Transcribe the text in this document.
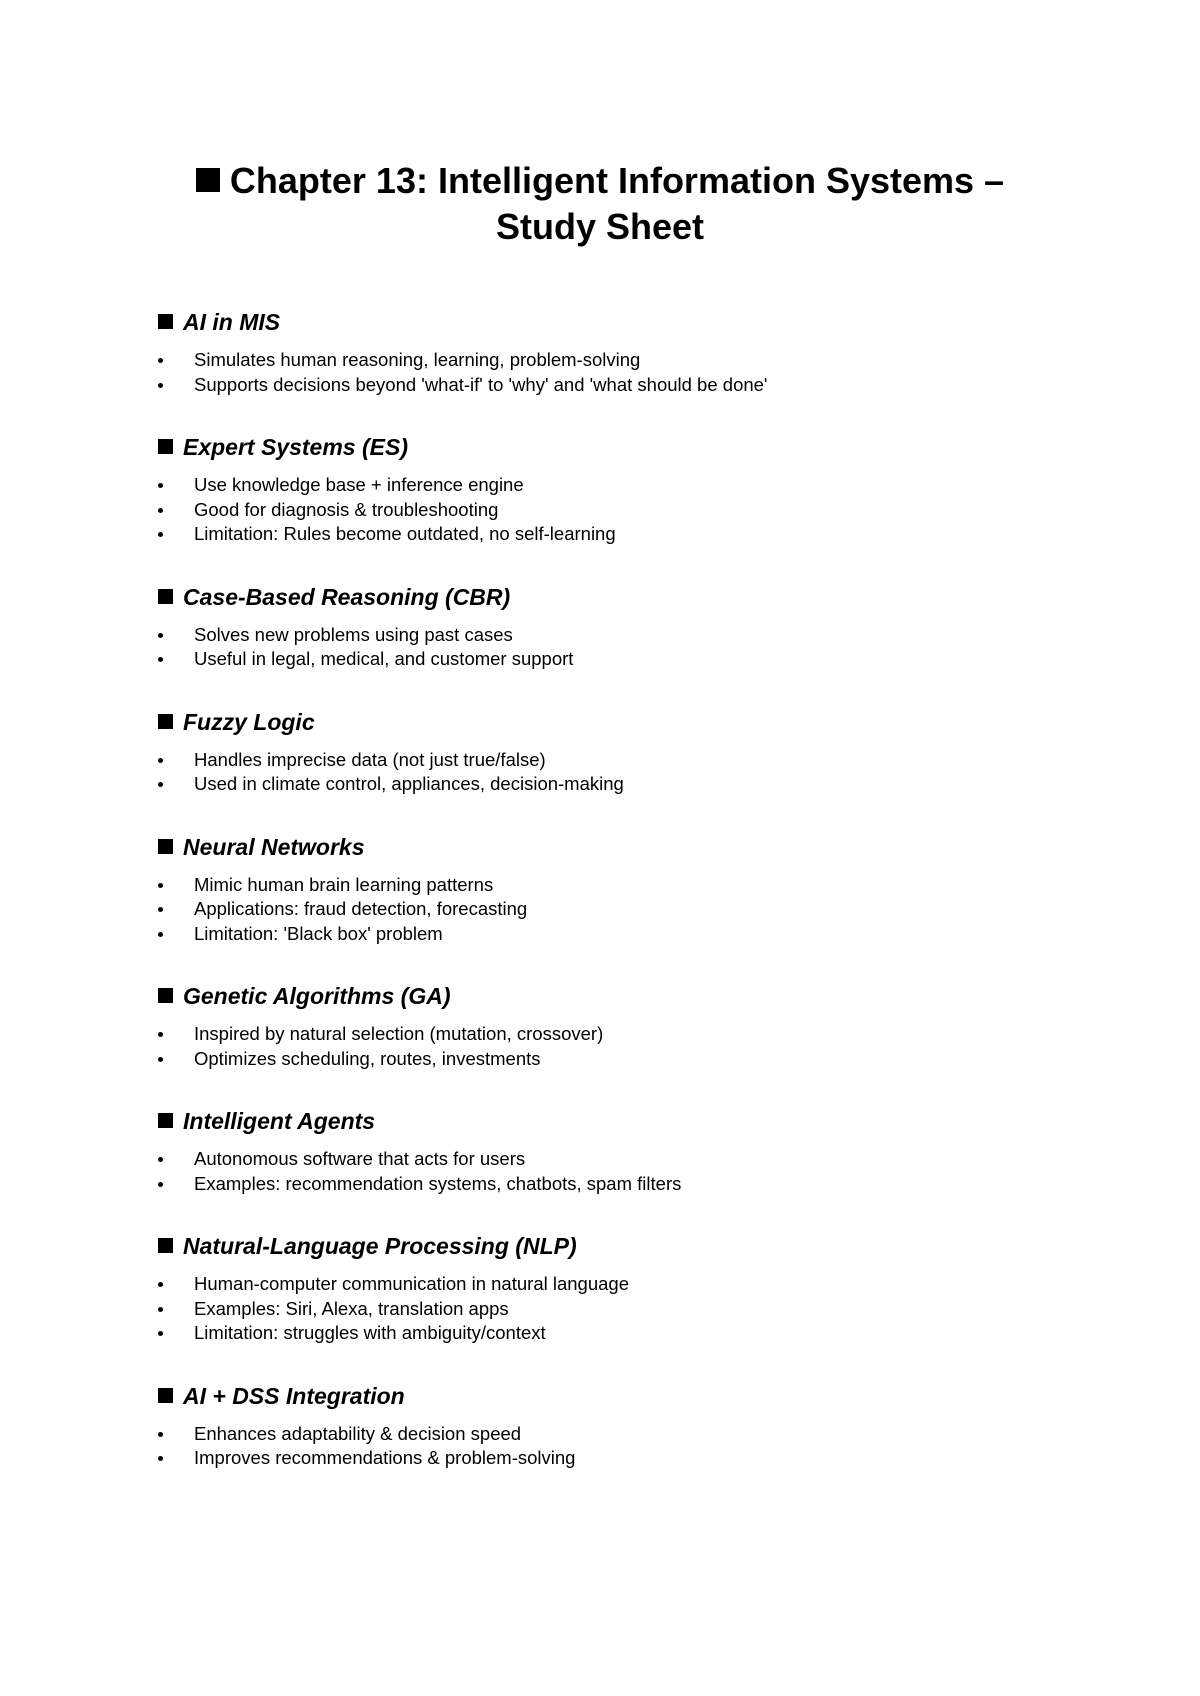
Chapter 13: Intelligent Information Systems –
Study Sheet
AI in MIS
Simulates human reasoning, learning, problem-solving
Supports decisions beyond 'what-if' to 'why' and 'what should be done'
Expert Systems (ES)
Use knowledge base + inference engine
Good for diagnosis & troubleshooting
Limitation: Rules become outdated, no self-learning
Case-Based Reasoning (CBR)
Solves new problems using past cases
Useful in legal, medical, and customer support
Fuzzy Logic
Handles imprecise data (not just true/false)
Used in climate control, appliances, decision-making
Neural Networks
Mimic human brain learning patterns
Applications: fraud detection, forecasting
Limitation: 'Black box' problem
Genetic Algorithms (GA)
Inspired by natural selection (mutation, crossover)
Optimizes scheduling, routes, investments
Intelligent Agents
Autonomous software that acts for users
Examples: recommendation systems, chatbots, spam filters
Natural-Language Processing (NLP)
Human-computer communication in natural language
Examples: Siri, Alexa, translation apps
Limitation: struggles with ambiguity/context
AI + DSS Integration
Enhances adaptability & decision speed
Improves recommendations & problem-solving
